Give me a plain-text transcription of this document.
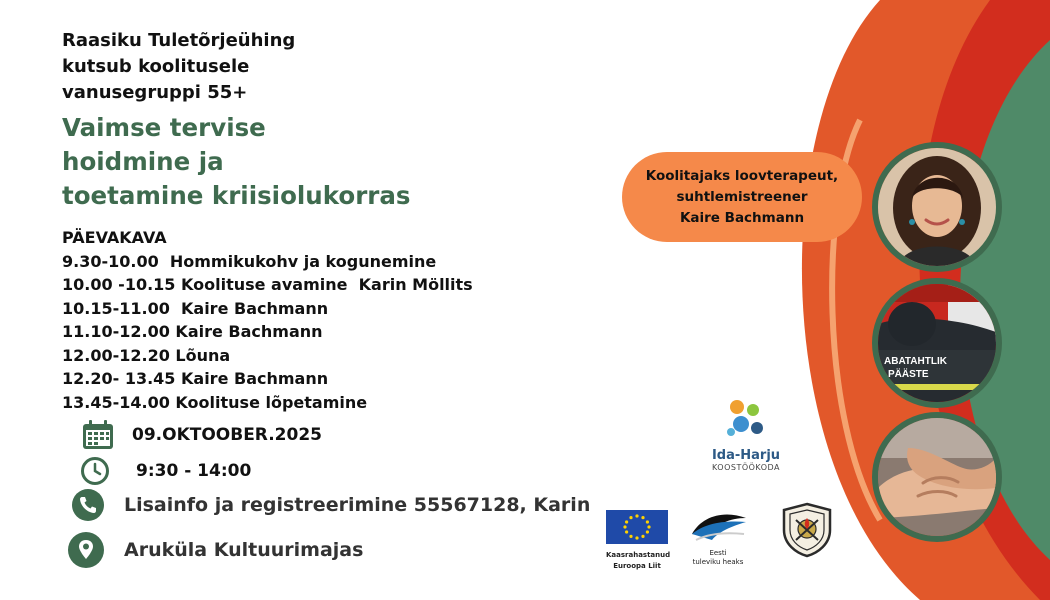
Raasiku Tuletõrjeühing
kutsub koolitusele
vanusegruppi 55+
Vaimse tervise
hoidmine ja
toetamine kriisiolukorras
PÄEVAKAVA
9.30-10.00  Hommikukohv ja kogunemine
10.00 -10.15 Koolituse avamine  Karin Möllits
10.15-11.00  Kaire Bachmann
11.10-12.00 Kaire Bachmann
12.00-12.20 Lõuna
12.20- 13.45 Kaire Bachmann
13.45-14.00 Koolituse lõpetamine
09.OKTOOBER.2025
9:30 - 14:00
Lisainfo ja registreerimine 55567128, Karin
Aruküla Kultuurimajas
Koolitajaks loovterapeut,
suhtlemistreener
Kaire Bachmann
ABATAHTLIK
PÄÄSTE
Ida-Harju
KOOSTÖÖKODA
Kaasrahastanud
Euroopa Liit
Eesti
tuleviku heaks
